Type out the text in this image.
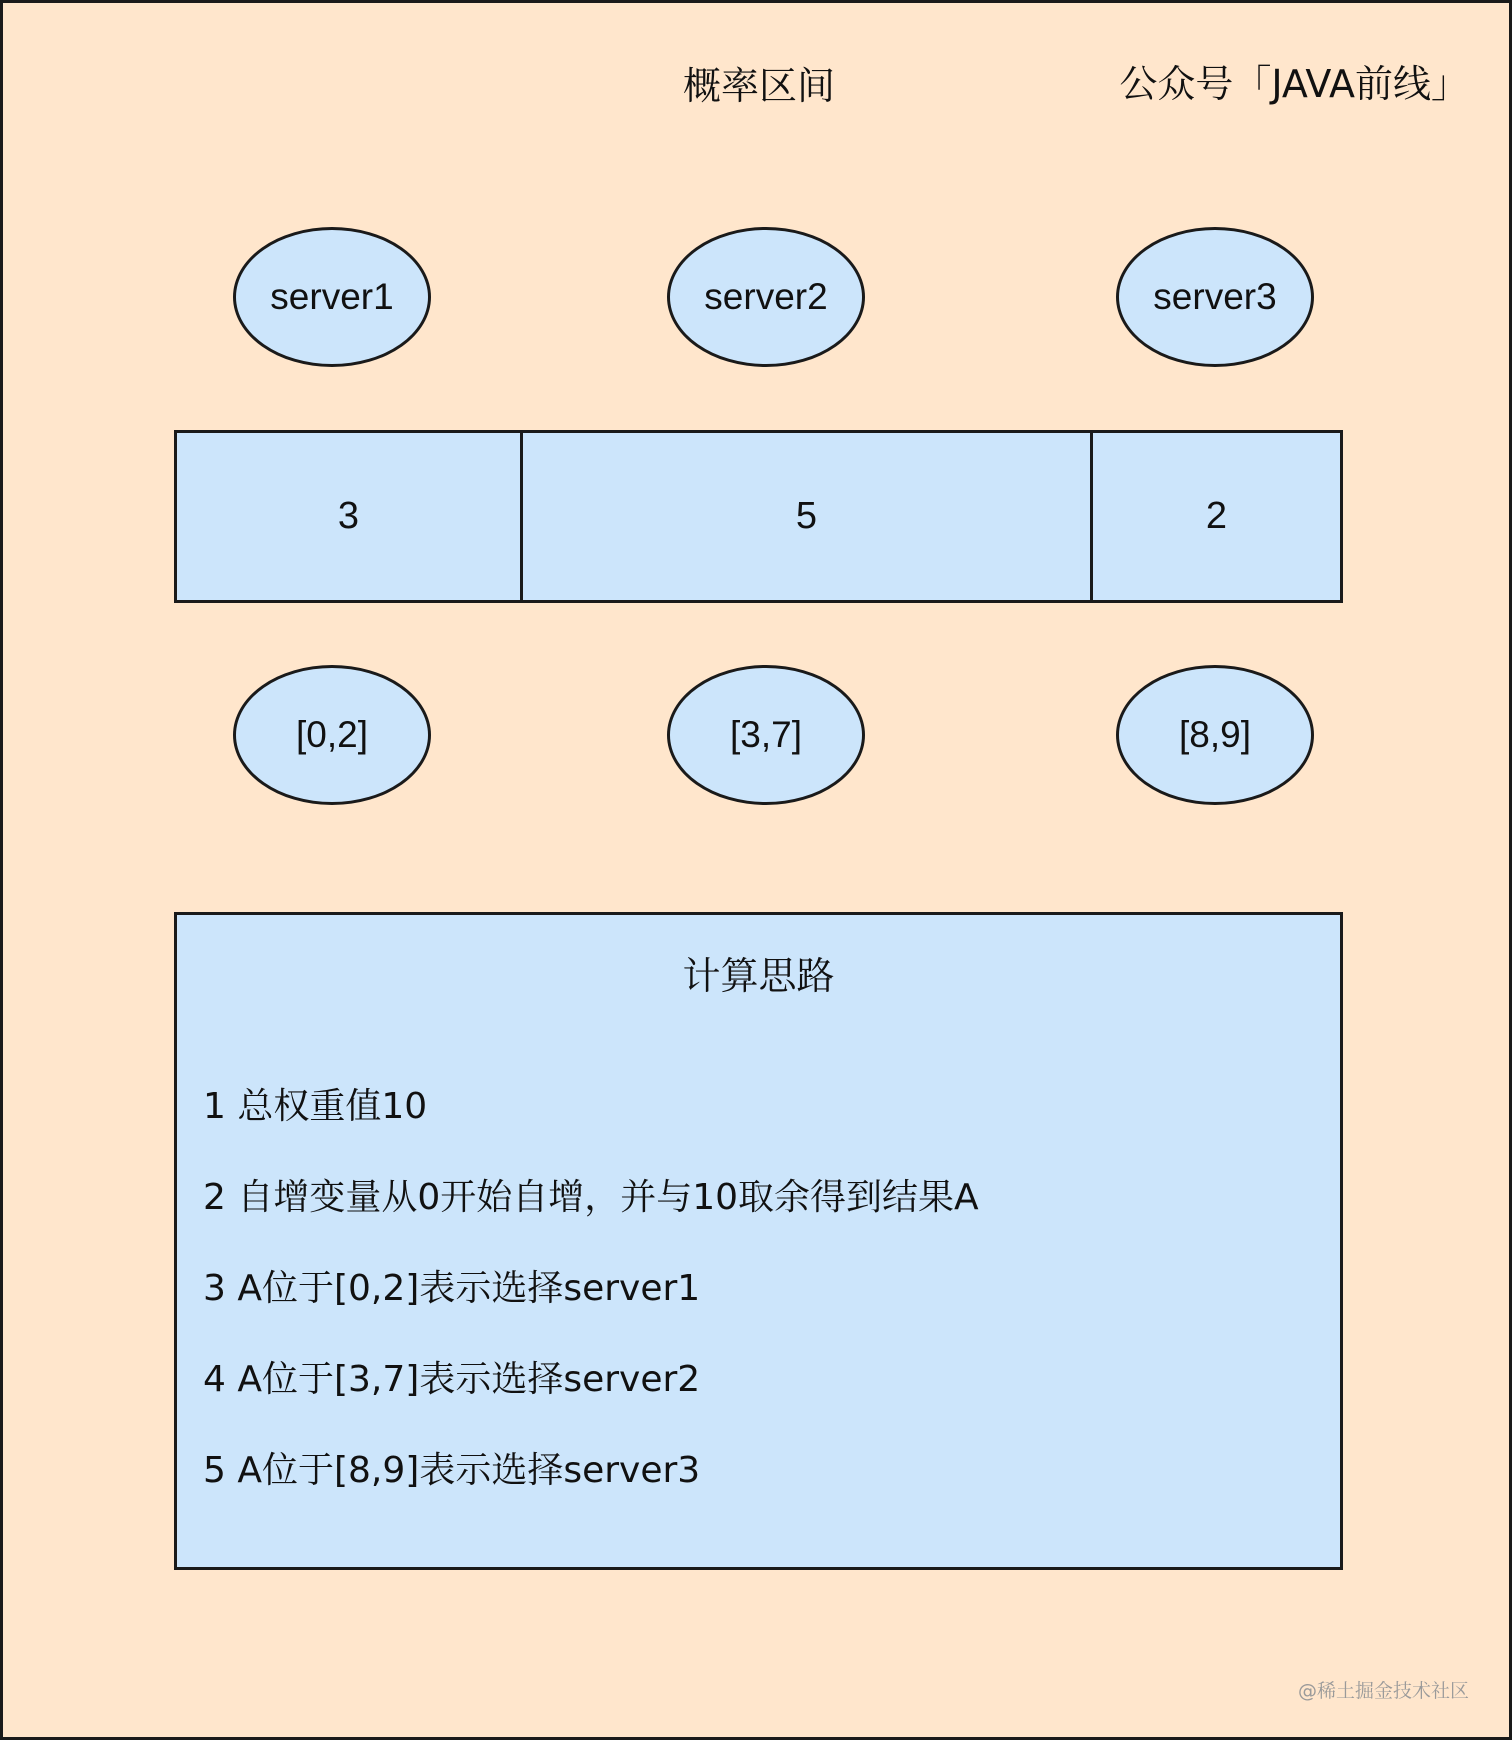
概率区间	公众号「JAVA前线」
server1	server2	server3
3	5	2
[0,2]	[3,7]	[8,9]
计算思路
1 总权重值10
2 自增变量从0开始自增，并与10取余得到结果A
3 A位于[0,2]表示选择server1
4 A位于[3,7]表示选择server2
5 A位于[8,9]表示选择server3
@稀土掘金技术社区
